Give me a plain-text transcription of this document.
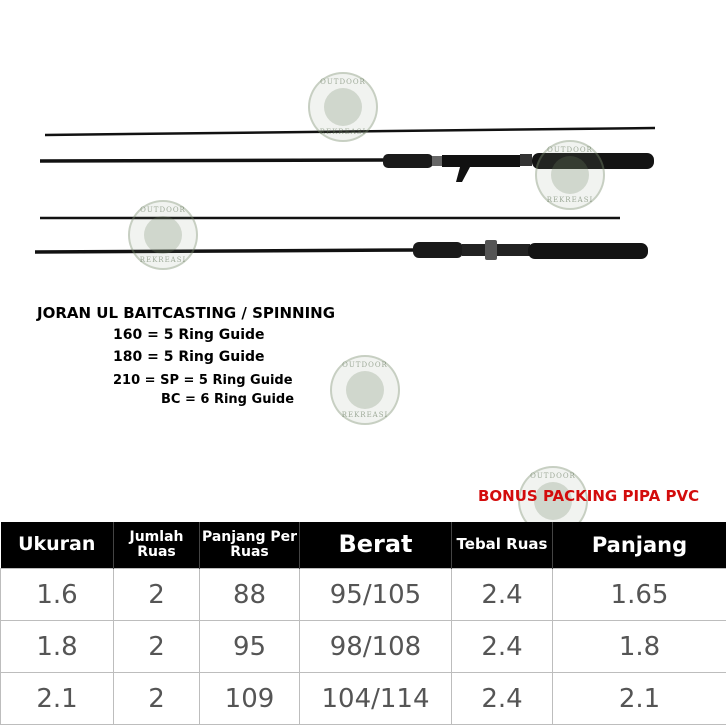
OUTDOOR
REKREASI
OUTDOOR
REKREASI
OUTDOOR
REKREASI
OUTDOOR
REKREASI
OUTDOOR
JORAN UL BAITCASTING / SPINNING
160 = 5 Ring Guide
180 = 5 Ring Guide
210 = SP = 5 Ring Guide
BC = 6 Ring Guide
BONUS PACKING PIPA PVC
Ukuran	Jumlah Ruas	Panjang Per Ruas	Berat	Tebal Ruas	Panjang
1.6	2	88	95/105	2.4	1.65
1.8	2	95	98/108	2.4	1.8
2.1	2	109	104/114	2.4	2.1
